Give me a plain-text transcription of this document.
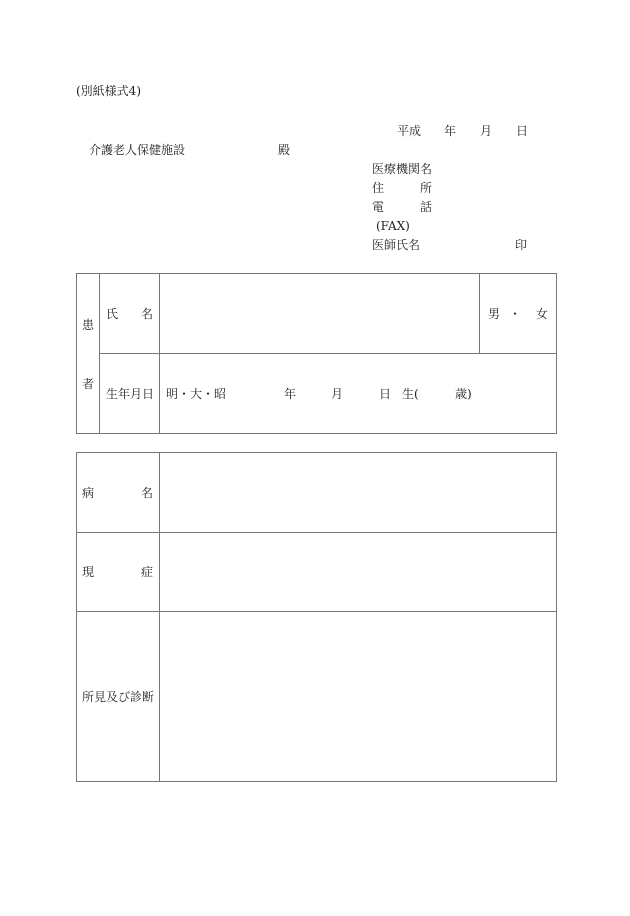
(別紙様式4)
平成 年 月 日
介護老人保健施設	殿
医療機関名
住	所
電	話
(FAX)
医師氏名	印
患
者
氏 名	男 ・ 女
生年月日 明・大・昭	年	月	日 生(	歳)
病	名
現	症
所見及び診断
